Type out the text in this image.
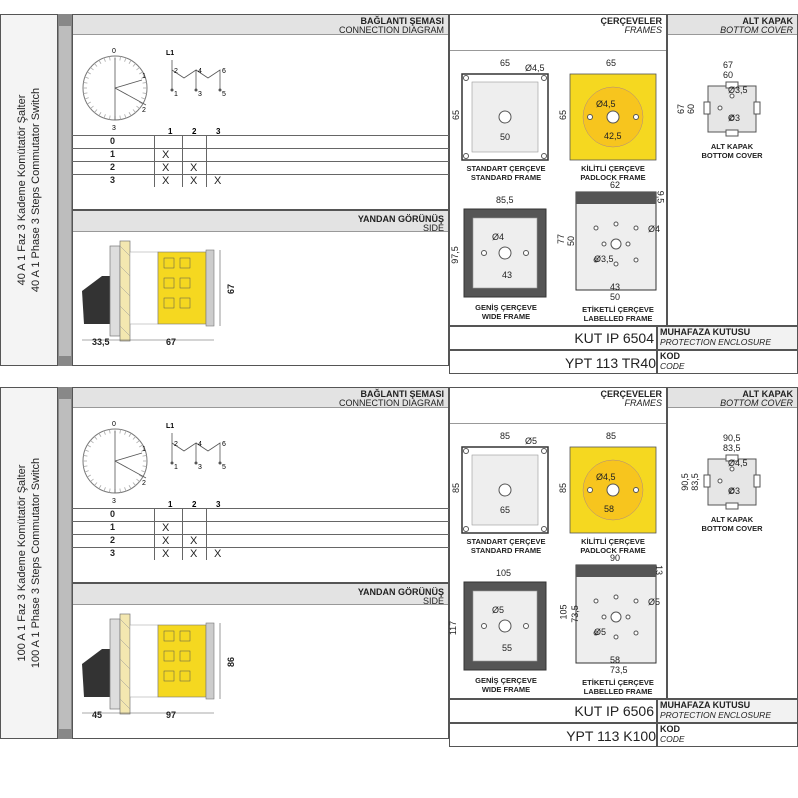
40 A 1 Faz 3 Kademe Komütatör Şalter 40 A 1 Phase 3 Steps Commutator Switch
BAĞLANTI ŞEMASI
CONNECTION DIAGRAM
0
1
2
3
L1
2	4	6
1	3	5
1 2 3
0
1	X
2	X X
3	X X X
YANDAN GÖRÜNÜŞ
SIDE
33,5	67
67
ÇERÇEVELER
FRAMES
65 Ø4,5
65
50
STANDART ÇERÇEVE
STANDARD FRAME
65
Ø4,5
65
42,5
KİLİTLİ ÇERÇEVE
PADLOCK FRAME
85,5
Ø4
97,5
43
GENİŞ ÇERÇEVE
WIDE FRAME
62
9,5
77 50
Ø4
Ø3,5
43
50
ETİKETLİ ÇERÇEVE
LABELLED FRAME
ALT KAPAK
BOTTOM COVER
67
60
67 60
Ø3,5
Ø3
ALT KAPAK
BOTTOM COVER
KUT IP 6504 MUHAFAZA KUTUSU
PROTECTION ENCLOSURE
YPT 113 TR40 KOD
CODE
100 A 1 Faz 3 Kademe Komütatör Şalter 100 A 1 Phase 3 Steps Commutator Switch
BAĞLANTI ŞEMASI
CONNECTION DIAGRAM
0
1
2
3
L1
2	4	6
1	3	5
1 2 3
0
1	X
2	X X
3	X X X
YANDAN GÖRÜNÜŞ
SIDE
45	97
86
ÇERÇEVELER
FRAMES
85 Ø5
85
65
STANDART ÇERÇEVE
STANDARD FRAME
85
Ø4,5
85
58
KİLİTLİ ÇERÇEVE
PADLOCK FRAME
105
Ø5
117
55
GENİŞ ÇERÇEVE
WIDE FRAME
90
13
105 73,5
Ø5
Ø5
58
73,5
ETİKETLİ ÇERÇEVE
LABELLED FRAME
ALT KAPAK
BOTTOM COVER
90,5
83,5
90,5 83,5
Ø4,5
Ø3
ALT KAPAK
BOTTOM COVER
KUT IP 6506 MUHAFAZA KUTUSU
PROTECTION ENCLOSURE
YPT 113 K100 KOD
CODE
